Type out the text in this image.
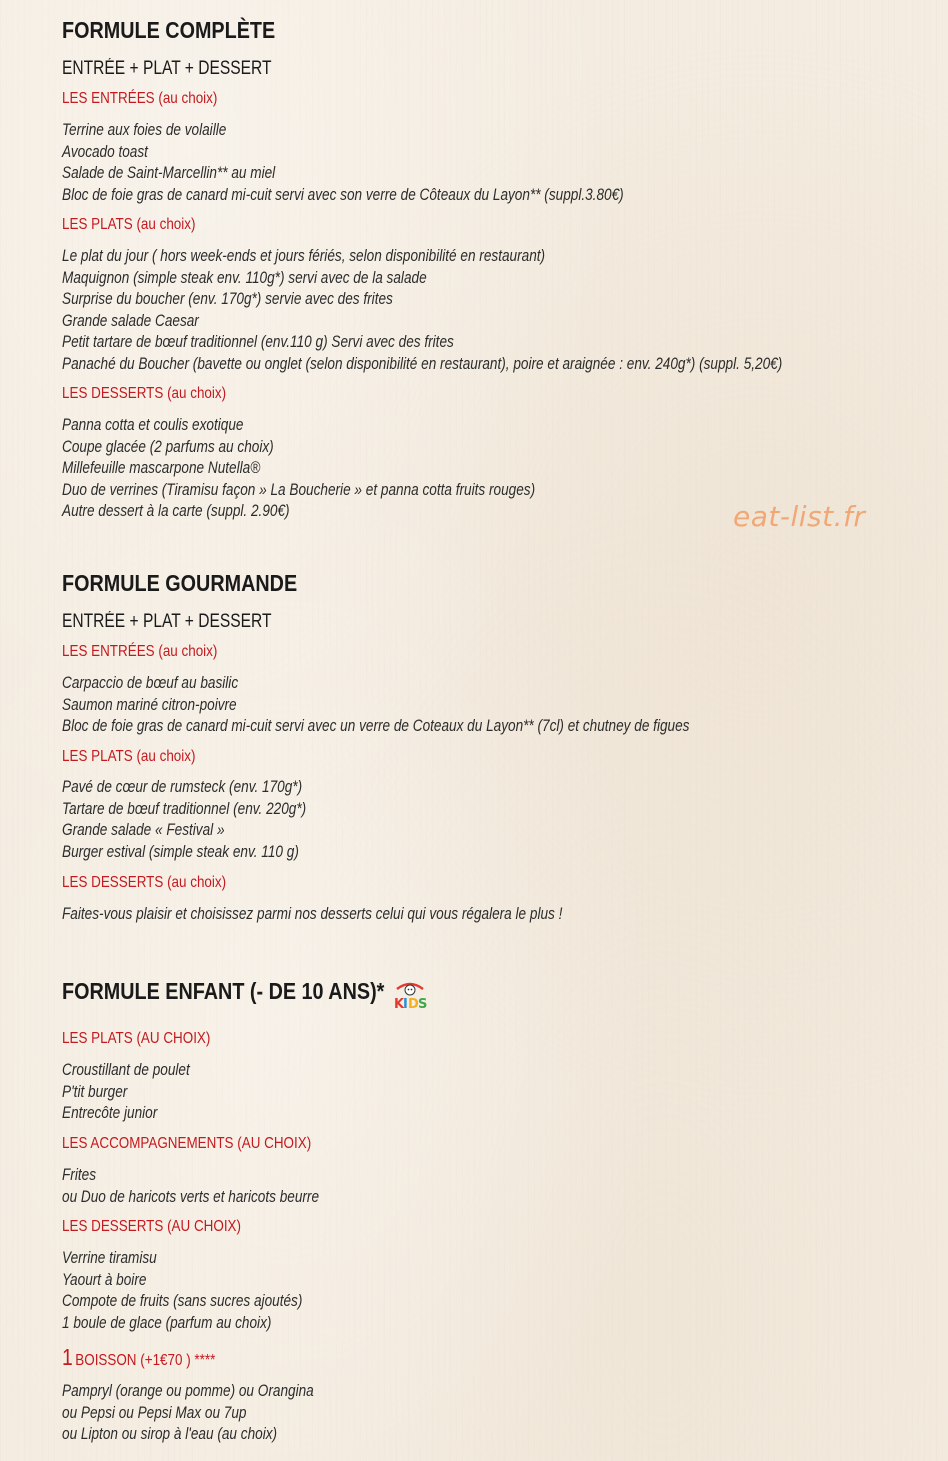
FORMULE COMPLÈTE
ENTRÉE + PLAT + DESSERT
LES ENTRÉES (au choix)
Terrine aux foies de volaille
Avocado toast
Salade de Saint-Marcellin** au miel
Bloc de foie gras de canard mi-cuit servi avec son verre de Côteaux du Layon** (suppl.3.80€)
LES PLATS (au choix)
Le plat du jour ( hors week-ends et jours fériés, selon disponibilité en restaurant)
Maquignon (simple steak env. 110g*) servi avec de la salade
Surprise du boucher (env. 170g*) servie avec des frites
Grande salade Caesar
Petit tartare de bœuf traditionnel (env.110 g) Servi avec des frites
Panaché du Boucher (bavette ou onglet (selon disponibilité en restaurant), poire et araignée : env. 240g*) (suppl. 5,20€)
LES DESSERTS (au choix)
Panna cotta et coulis exotique
Coupe glacée (2 parfums au choix)
Millefeuille mascarpone Nutella®
Duo de verrines (Tiramisu façon » La Boucherie » et panna cotta fruits rouges)
Autre dessert à la carte (suppl. 2.90€)
FORMULE GOURMANDE
ENTRÉE + PLAT + DESSERT
LES ENTRÉES (au choix)
Carpaccio de bœuf au basilic
Saumon mariné citron-poivre
Bloc de foie gras de canard mi-cuit servi avec un verre de Coteaux du Layon** (7cl) et chutney de figues
LES PLATS (au choix)
Pavé de cœur de rumsteck (env. 170g*)
Tartare de bœuf traditionnel (env. 220g*)
Grande salade « Festival »
Burger estival (simple steak env. 110 g)
LES DESSERTS (au choix)
Faites-vous plaisir et choisissez parmi nos desserts celui qui vous régalera le plus !
FORMULE ENFANT (- DE 10 ANS)*
LES PLATS (AU CHOIX)
Croustillant de poulet
P'tit burger
Entrecôte junior
LES ACCOMPAGNEMENTS (AU CHOIX)
Frites
ou Duo de haricots verts et haricots beurre
LES DESSERTS (AU CHOIX)
Verrine tiramisu
Yaourt à boire
Compote de fruits (sans sucres ajoutés)
1 boule de glace (parfum au choix)
1 BOISSON (+1€70 ) ****
Pampryl (orange ou pomme) ou Orangina
ou Pepsi ou Pepsi Max ou 7up
ou Lipton ou sirop à l'eau (au choix)
K
I D S
eat-list.fr
